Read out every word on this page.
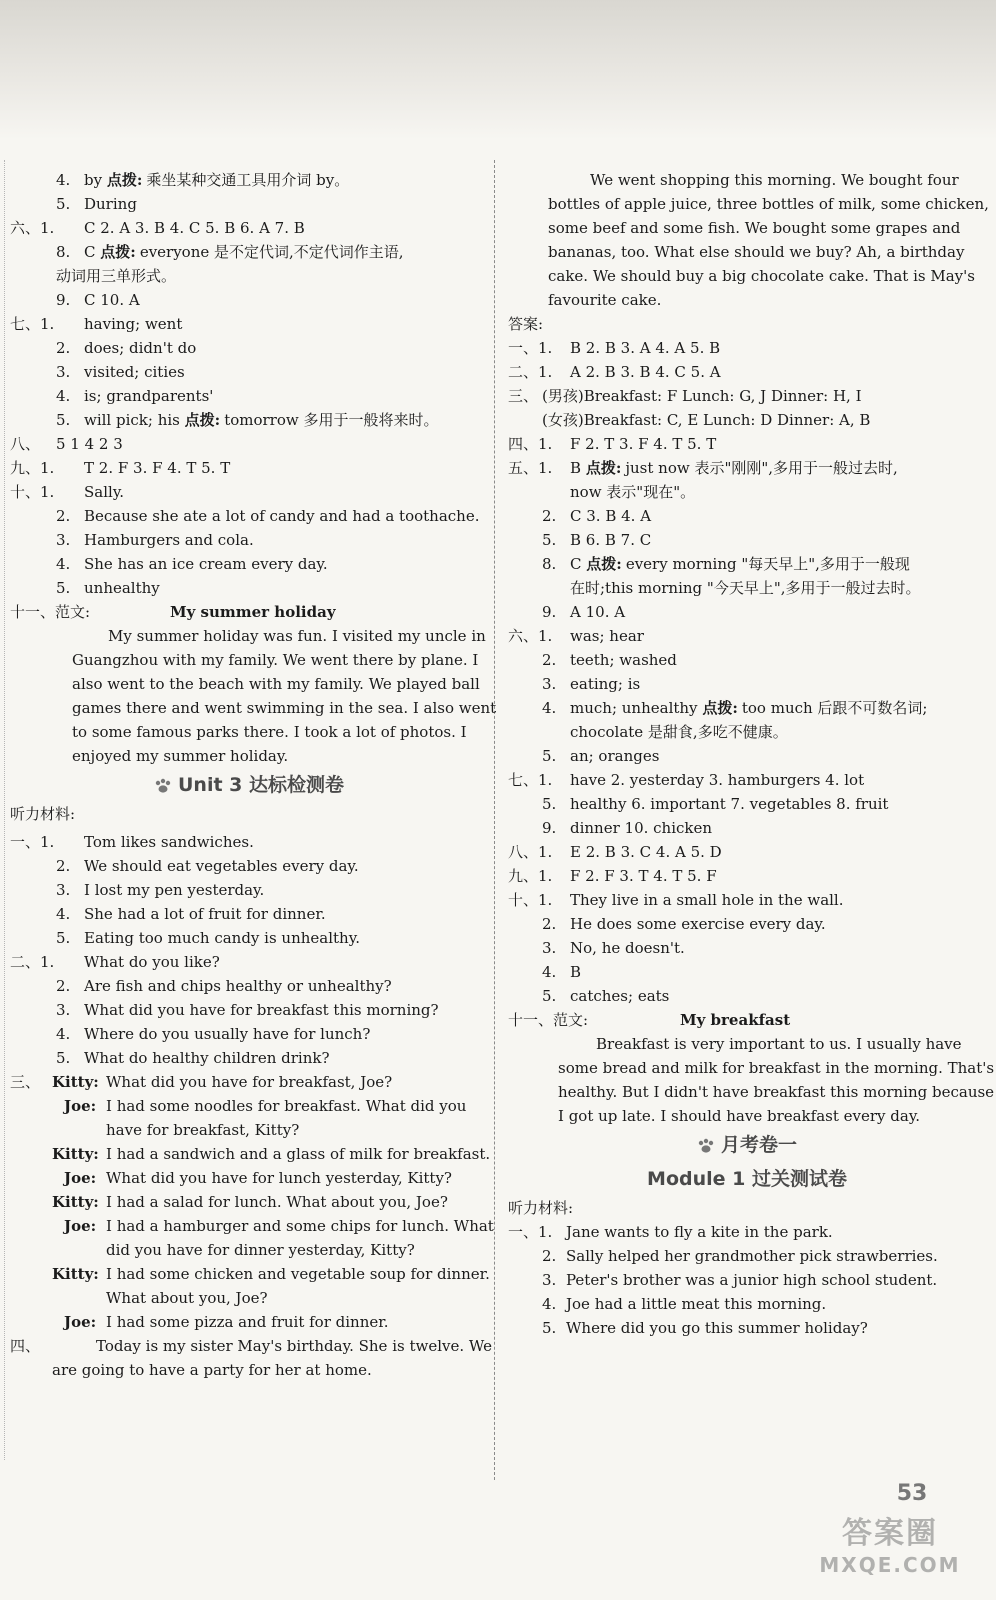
4. by 点拨: 乘坐某种交通工具用介词 by。
5. During
六、1. C 2. A 3. B 4. C 5. B 6. A 7. B
8. C 点拨: everyone 是不定代词,不定代词作主语,
动词用三单形式。
9. C 10. A
七、1. having; went
2. does; didn't do
3. visited; cities
4. is; grandparents'
5. will pick; his 点拨: tomorrow 多用于一般将来时。
八、 5 1 4 2 3
九、1. T 2. F 3. F 4. T 5. T
十、1. Sally.
2. Because she ate a lot of candy and had a toothache.
3. Hamburgers and cola.
4. She has an ice cream every day.
5. unhealthy
十一、范文:	My summer holiday
My summer holiday was fun. I visited my uncle in
Guangzhou with my family. We went there by plane. I
also went to the beach with my family. We played ball
games there and went swimming in the sea. I also went
to some famous parks there. I took a lot of photos. I
enjoyed my summer holiday.
Unit 3 达标检测卷
听力材料:
一、1. Tom likes sandwiches.
2. We should eat vegetables every day.
3. I lost my pen yesterday.
4. She had a lot of fruit for dinner.
5. Eating too much candy is unhealthy.
二、1. What do you like?
2. Are fish and chips healthy or unhealthy?
3. What did you have for breakfast this morning?
4. Where do you usually have for lunch?
5. What do healthy children drink?
三、 Kitty: What did you have for breakfast, Joe?
Joe: I had some noodles for breakfast. What did you
have for breakfast, Kitty?
Kitty: I had a sandwich and a glass of milk for breakfast.
Joe: What did you have for lunch yesterday, Kitty?
Kitty: I had a salad for lunch. What about you, Joe?
Joe: I had a hamburger and some chips for lunch. What
did you have for dinner yesterday, Kitty?
Kitty: I had some chicken and vegetable soup for dinner.
What about you, Joe?
Joe: I had some pizza and fruit for dinner.
四、	Today is my sister May's birthday. She is twelve. We
are going to have a party for her at home.
We went shopping this morning. We bought four
bottles of apple juice, three bottles of milk, some chicken,
some beef and some fish. We bought some grapes and
bananas, too. What else should we buy? Ah, a birthday
cake. We should buy a big chocolate cake. That is May's
favourite cake.
答案:
一、1. B 2. B 3. A 4. A 5. B
二、1. A 2. B 3. B 4. C 5. A
三、 (男孩)Breakfast: F Lunch: G, J Dinner: H, I
(女孩)Breakfast: C, E Lunch: D Dinner: A, B
四、1. F 2. T 3. F 4. T 5. T
五、1. B 点拨: just now 表示"刚刚",多用于一般过去时,
now 表示"现在"。
2. C 3. B 4. A
5. B 6. B 7. C
8. C 点拨: every morning "每天早上",多用于一般现
在时;this morning "今天早上",多用于一般过去时。
9. A 10. A
六、1. was; hear
2. teeth; washed
3. eating; is
4. much; unhealthy 点拨: too much 后跟不可数名词;
chocolate 是甜食,多吃不健康。
5. an; oranges
七、1. have 2. yesterday 3. hamburgers 4. lot
5. healthy 6. important 7. vegetables 8. fruit
9. dinner 10. chicken
八、1. E 2. B 3. C 4. A 5. D
九、1. F 2. F 3. T 4. T 5. F
十、1. They live in a small hole in the wall.
2. He does some exercise every day.
3. No, he doesn't.
4. B
5. catches; eats
十一、范文:	My breakfast
Breakfast is very important to us. I usually have
some bread and milk for breakfast in the morning. That's
healthy. But I didn't have breakfast this morning because
I got up late. I should have breakfast every day.
月考卷一
Module 1 过关测试卷
听力材料:
一、1. Jane wants to fly a kite in the park.
2. Sally helped her grandmother pick strawberries.
3. Peter's brother was a junior high school student.
4. Joe had a little meat this morning.
5. Where did you go this summer holiday?
53
答案圈
MXQE.COM
